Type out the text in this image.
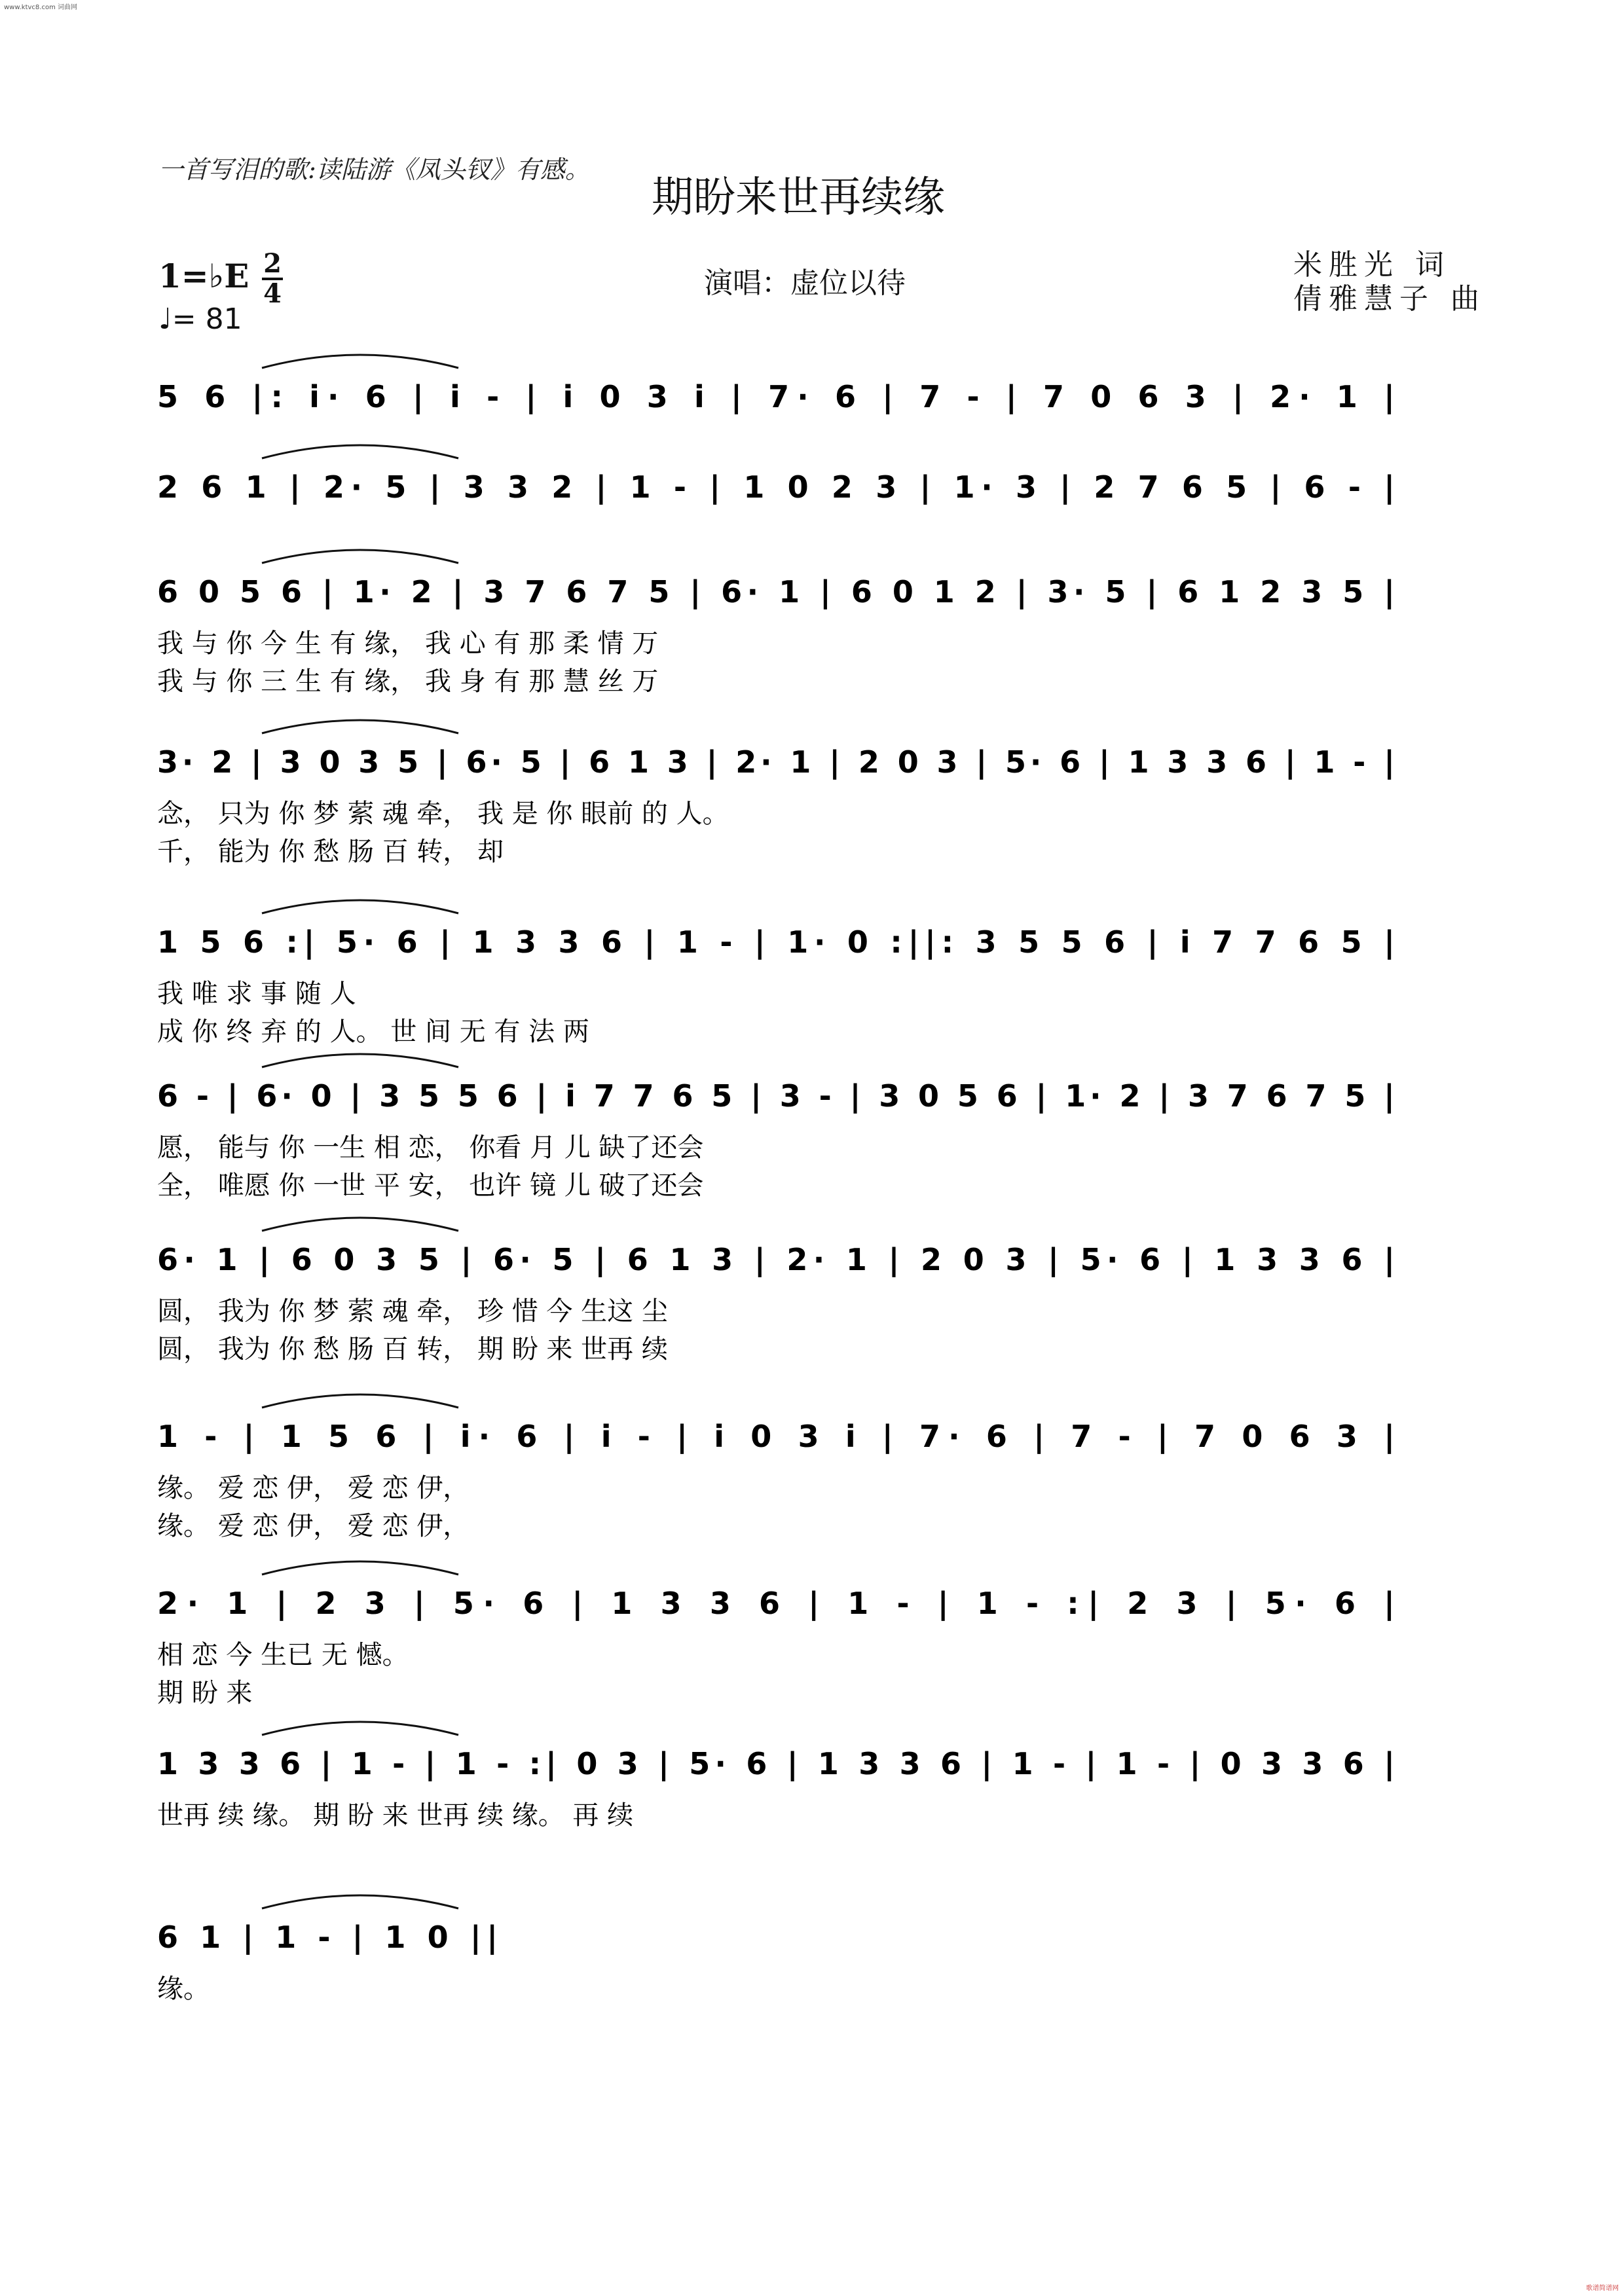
www.ktvc8.com 词曲网
一首写泪的歌:读陆游《凤头钗》有感。
期盼来世再续缘
1=♭E 2
4
♩= 81
演唱：虚位以待
米胜光 词
倩雅慧子 曲
5 6 |: i· 6 | i - | i 0 3 i | 7· 6 | 7 - | 7 0 6 3 | 2· 1 |
2 6 1 | 2· 5 | 3 3 2 | 1 - | 1 0 2 3 | 1· 3 | 2 7 6 5 | 6 - |
6 0 5 6 | 1· 2 | 3 7 6 7 5 | 6· 1 | 6 0 1 2 | 3· 5 | 6 1 2 3 5 |
我 与 你 今 生 有 缘， 我 心 有 那 柔 情 万
我 与 你 三 生 有 缘， 我 身 有 那 慧 丝 万
3· 2 | 3 0 3 5 | 6· 5 | 6 1 3 | 2· 1 | 2 0 3 | 5· 6 | 1 3 3 6 | 1 - |
念， 只为 你 梦 萦 魂 牵， 我 是 你 眼前 的 人。
千， 能为 你 愁 肠 百 转， 却
1 5 6 :| 5· 6 | 1 3 3 6 | 1 - | 1· 0 :||: 3 5 5 6 | i 7 7 6 5 |
我 唯 求 事 随 人
成 你 终 弃 的 人。 世 间 无 有 法 两
6 - | 6· 0 | 3 5 5 6 | i 7 7 6 5 | 3 - | 3 0 5 6 | 1· 2 | 3 7 6 7 5 |
愿， 能与 你 一生 相 恋， 你看 月 儿 缺了还会
全， 唯愿 你 一世 平 安， 也许 镜 儿 破了还会
6· 1 | 6 0 3 5 | 6· 5 | 6 1 3 | 2· 1 | 2 0 3 | 5· 6 | 1 3 3 6 |
圆， 我为 你 梦 萦 魂 牵， 珍 惜 今 生这 尘
圆， 我为 你 愁 肠 百 转， 期 盼 来 世再 续
1 - | 1 5 6 | i· 6 | i - | i 0 3 i | 7· 6 | 7 - | 7 0 6 3 |
缘。 爱 恋 伊， 爱 恋 伊，
缘。 爱 恋 伊， 爱 恋 伊，
2· 1 | 2 3 | 5· 6 | 1 3 3 6 | 1 - | 1 - :| 2 3 | 5· 6 |
相 恋 今 生已 无 憾。
期 盼 来
1 3 3 6 | 1 - | 1 - :| 0 3 | 5· 6 | 1 3 3 6 | 1 - | 1 - | 0 3 3 6 |
世再 续 缘。 期 盼 来 世再 续 缘。 再 续
6 1 | 1 - | 1 0 ||
缘。
歌谱简谱网
